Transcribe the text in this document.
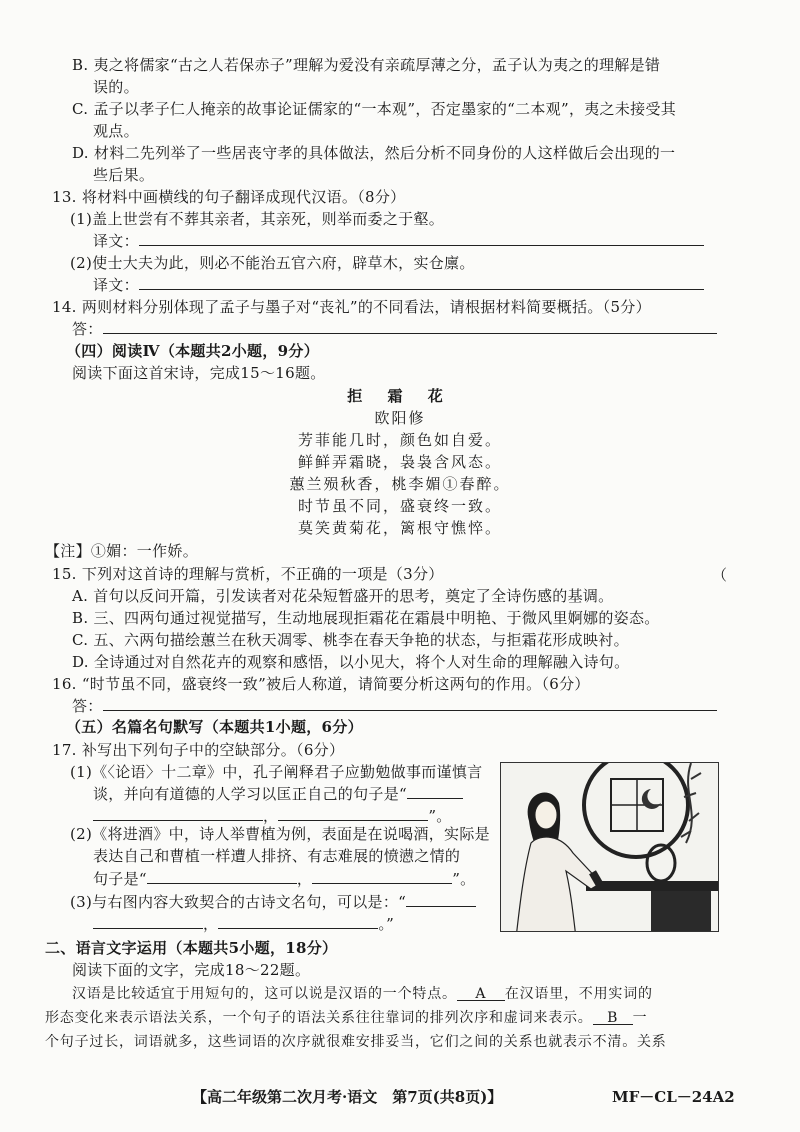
B. 夷之将儒家“古之人若保赤子”理解为爱没有亲疏厚薄之分，孟子认为夷之的理解是错
误的。
C. 孟子以孝子仁人掩亲的故事论证儒家的“一本观”，否定墨家的“二本观”，夷之未接受其
观点。
D. 材料二先列举了一些居丧守孝的具体做法，然后分析不同身份的人这样做后会出现的一
些后果。
13. 将材料中画横线的句子翻译成现代汉语。（8分）
(1)盖上世尝有不葬其亲者，其亲死，则举而委之于壑。
译文：
(2)使士大夫为此，则必不能治五官六府，辟草木，实仓廪。
译文：
14. 两则材料分别体现了孟子与墨子对“丧礼”的不同看法，请根据材料简要概括。（5分）
答：
（四）阅读Ⅳ（本题共2小题，9分）
阅读下面这首宋诗，完成15～16题。
拒 霜 花
欧阳修
芳菲能几时，颜色如自爱。
鲜鲜弄霜晓，袅袅含风态。
蕙兰殒秋香，桃李媚①春醉。
时节虽不同，盛衰终一致。
莫笑黄菊花，篱根守憔悴。
【注】①媚：一作娇。
15. 下列对这首诗的理解与赏析，不正确的一项是（3分）	（
A. 首句以反问开篇，引发读者对花朵短暂盛开的思考，奠定了全诗伤感的基调。
B. 三、四两句通过视觉描写，生动地展现拒霜花在霜晨中明艳、于微风里婀娜的姿态。
C. 五、六两句描绘蕙兰在秋天凋零、桃李在春天争艳的状态，与拒霜花形成映衬。
D. 全诗通过对自然花卉的观察和感悟，以小见大，将个人对生命的理解融入诗句。
16. “时节虽不同，盛衰终一致”被后人称道，请简要分析这两句的作用。（6分）
答：
（五）名篇名句默写（本题共1小题，6分）
17. 补写出下列句子中的空缺部分。（6分）
(1)《〈论语〉十二章》中，孔子阐释君子应勤勉做事而谨慎言
谈，并向有道德的人学习以匡正自己的句子是“
，	”。
(2)《将进酒》中，诗人举曹植为例，表面是在说喝酒，实际是
表达自己和曹植一样遭人排挤、有志难展的愤懑之情的
句子是“	，	”。
(3)与右图内容大致契合的古诗文名句，可以是：“
，	。”
二、语言文字运用（本题共5小题，18分）
阅读下面的文字，完成18～22题。
汉语是比较适宜于用短句的，这可以说是汉语的一个特点。 A 在汉语里，不用实词的
形态变化来表示语法关系，一个句子的语法关系往往靠词的排列次序和虚词来表示。 B 一
个句子过长，词语就多，这些词语的次序就很难安排妥当，它们之间的关系也就表示不清。关系
【高二年级第二次月考·语文　第7页(共8页)】	MF－CL－24A2
